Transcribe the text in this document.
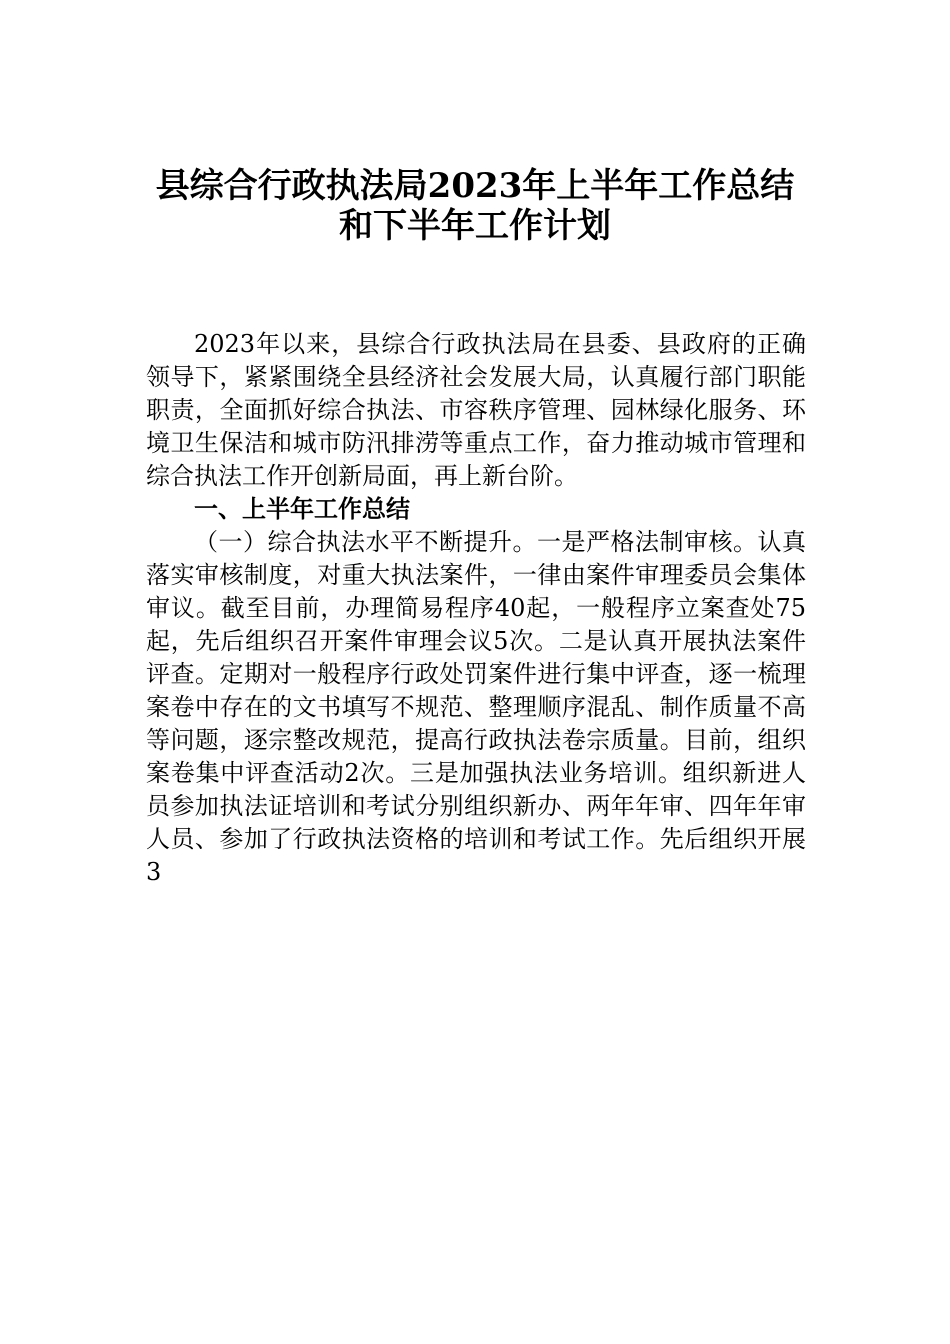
县综合行政执法局2023年上半年工作总结
和下半年工作计划

2023年以来，县综合行政执法局在县委、县政府的正确领导下，紧紧围绕全县经济社会发展大局，认真履行部门职能职责，全面抓好综合执法、市容秩序管理、园林绿化服务、环境卫生保洁和城市防汛排涝等重点工作，奋力推动城市管理和综合执法工作开创新局面，再上新台阶。

一、上半年工作总结

（一）综合执法水平不断提升。一是严格法制审核。认真落实审核制度，对重大执法案件，一律由案件审理委员会集体审议。截至目前，办理简易程序40起，一般程序立案查处75起，先后组织召开案件审理会议5次。二是认真开展执法案件评查。定期对一般程序行政处罚案件进行集中评查，逐一梳理案卷中存在的文书填写不规范、整理顺序混乱、制作质量不高等问题，逐宗整改规范，提高行政执法卷宗质量。目前，组织案卷集中评查活动2次。三是加强执法业务培训。组织新进人员参加执法证培训和考试分别组织新办、两年年审、四年年审人员、参加了行政执法资格的培训和考试工作。先后组织开展3
